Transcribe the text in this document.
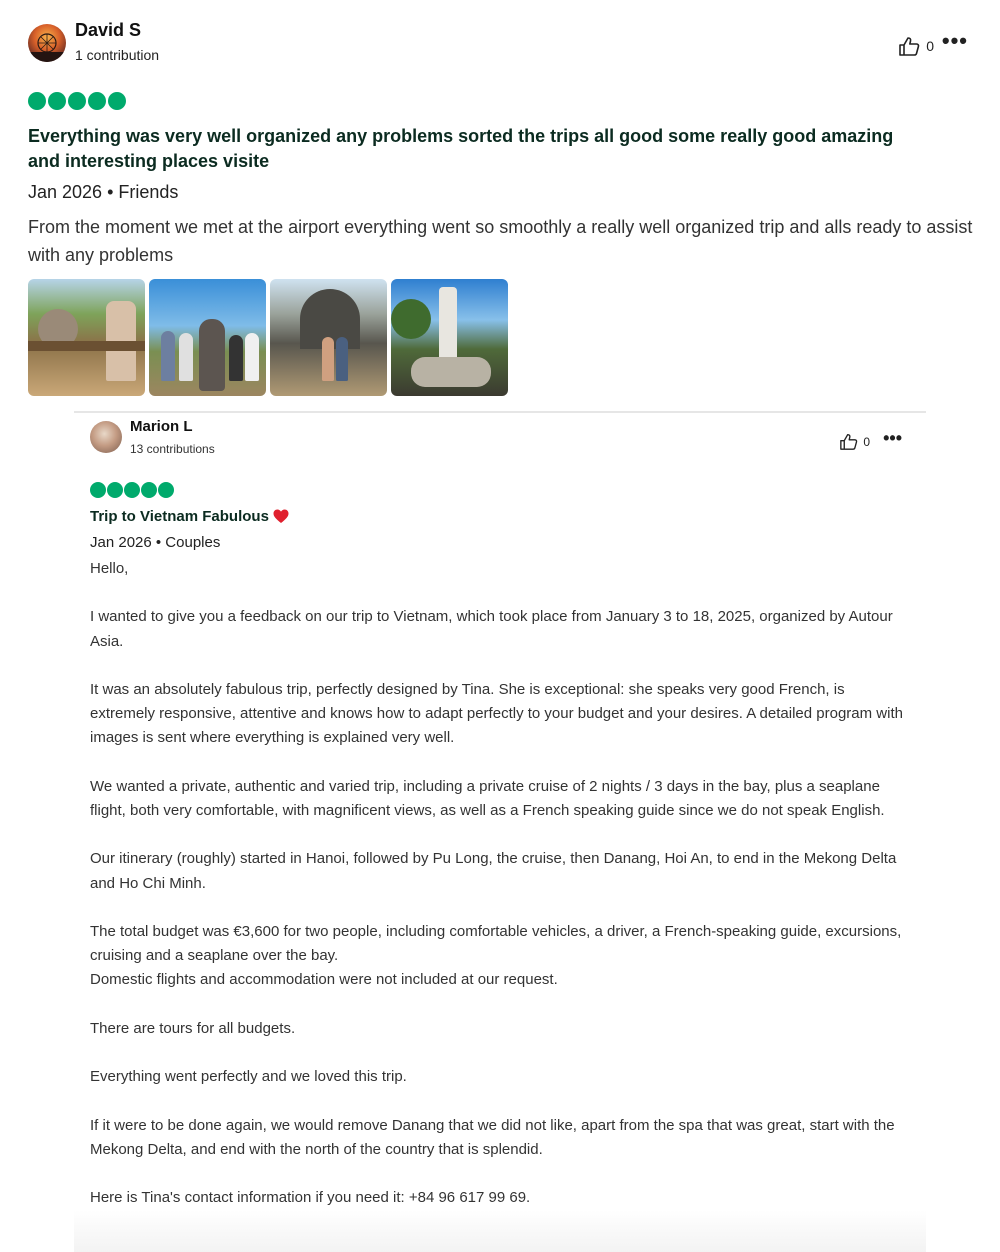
David S
1 contribution
0 •••
Everything was very well organized any problems sorted the trips all good some really good amazing and interesting places visite
Jan 2026 • Friends
From the moment we met at the airport everything went so smoothly a really well organized trip and alls ready to assist with any problems
Marion L
13 contributions
0 •••
Trip to Vietnam Fabulous
Jan 2026 • Couples

Hello,

I wanted to give you a feedback on our trip to Vietnam, which took place from January 3 to 18, 2025, organized by Autour Asia.

It was an absolutely fabulous trip, perfectly designed by Tina. She is exceptional: she speaks very good French, is extremely responsive, attentive and knows how to adapt perfectly to your budget and your desires. A detailed program with images is sent where everything is explained very well.

We wanted a private, authentic and varied trip, including a private cruise of 2 nights / 3 days in the bay, plus a seaplane flight, both very comfortable, with magnificent views, as well as a French speaking guide since we do not speak English.

Our itinerary (roughly) started in Hanoi, followed by Pu Long, the cruise, then Danang, Hoi An, to end in the Mekong Delta and Ho Chi Minh.

The total budget was €3,600 for two people, including comfortable vehicles, a driver, a French-speaking guide, excursions, cruising and a seaplane over the bay.
Domestic flights and accommodation were not included at our request.

There are tours for all budgets.

Everything went perfectly and we loved this trip.

If it were to be done again, we would remove Danang that we did not like, apart from the spa that was great, start with the Mekong Delta, and end with the north of the country that is splendid.

Here is Tina's contact information if you need it: +84 96 617 99 69.
